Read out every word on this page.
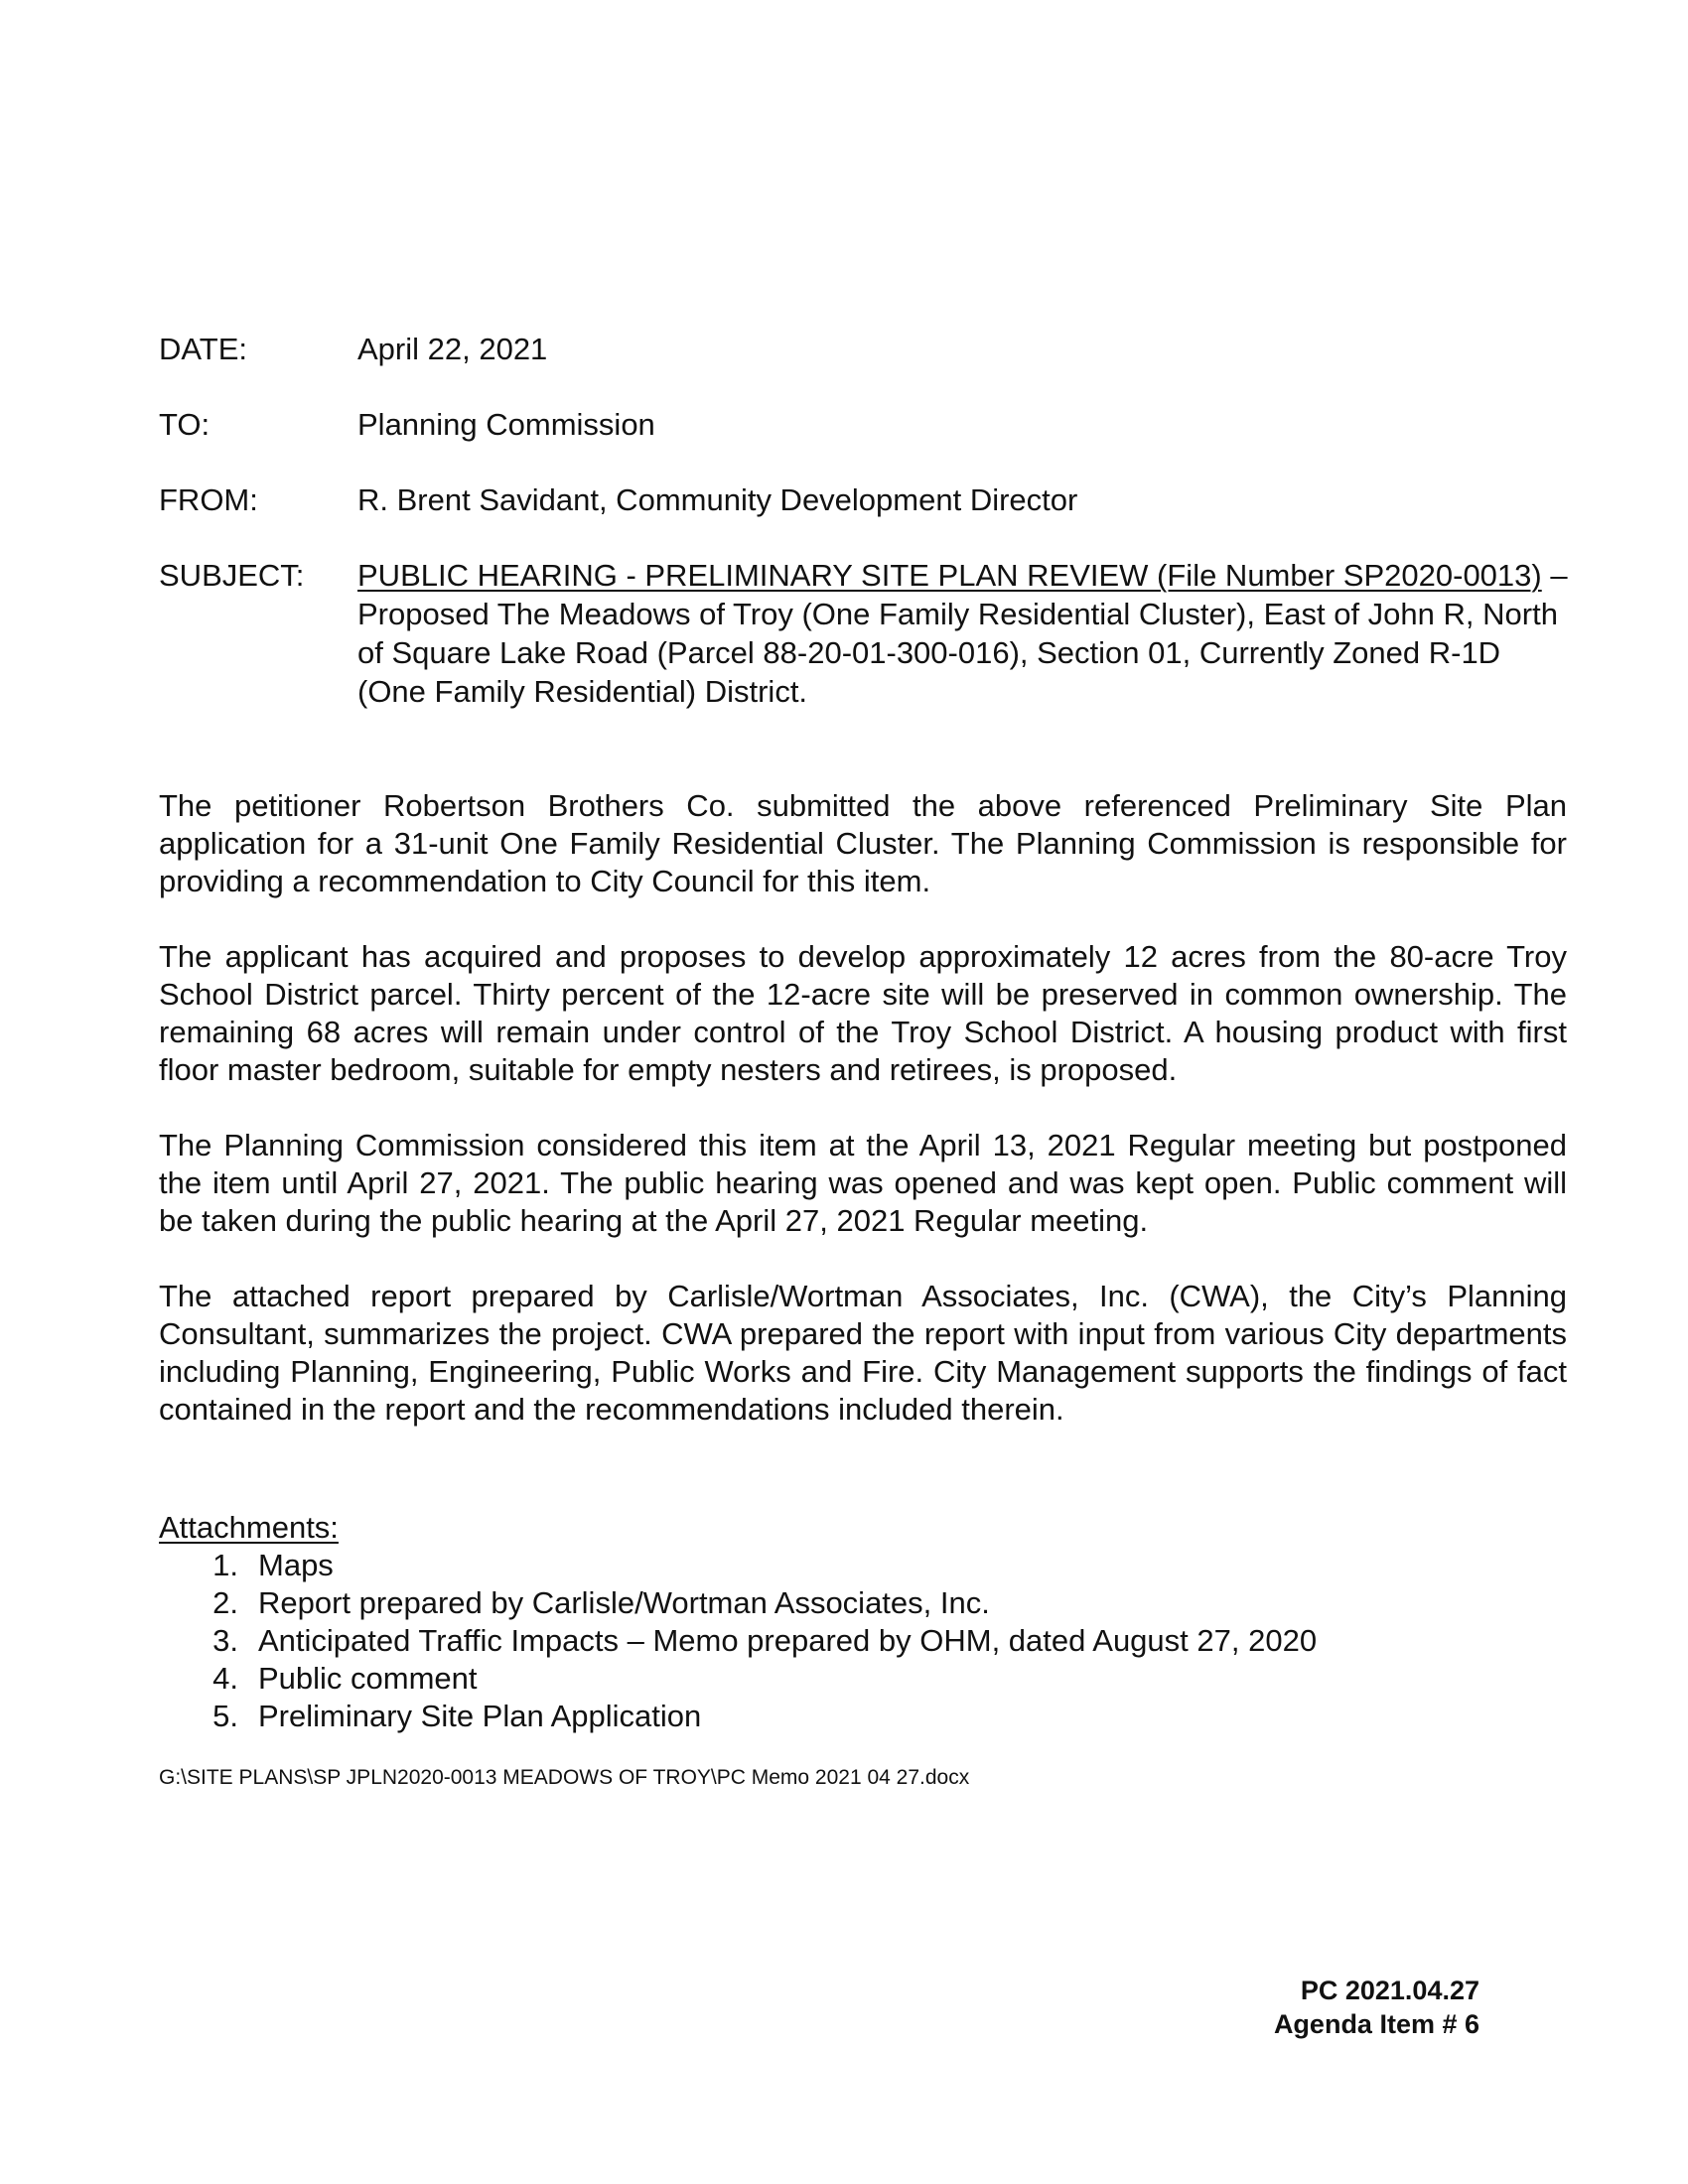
DATE:	April 22, 2021
TO:	Planning Commission
FROM:	R. Brent Savidant, Community Development Director
SUBJECT:	PUBLIC HEARING - PRELIMINARY SITE PLAN REVIEW (File Number SP2020-0013) – Proposed The Meadows of Troy (One Family Residential Cluster), East of John R, North of Square Lake Road (Parcel 88-20-01-300-016), Section 01, Currently Zoned R-1D (One Family Residential) District.

The petitioner Robertson Brothers Co. submitted the above referenced Preliminary Site Plan application for a 31-unit One Family Residential Cluster. The Planning Commission is responsible for providing a recommendation to City Council for this item.

The applicant has acquired and proposes to develop approximately 12 acres from the 80-acre Troy School District parcel. Thirty percent of the 12-acre site will be preserved in common ownership. The remaining 68 acres will remain under control of the Troy School District. A housing product with first floor master bedroom, suitable for empty nesters and retirees, is proposed.

The Planning Commission considered this item at the April 13, 2021 Regular meeting but postponed the item until April 27, 2021. The public hearing was opened and was kept open. Public comment will be taken during the public hearing at the April 27, 2021 Regular meeting.

The attached report prepared by Carlisle/Wortman Associates, Inc. (CWA), the City’s Planning Consultant, summarizes the project. CWA prepared the report with input from various City departments including Planning, Engineering, Public Works and Fire. City Management supports the findings of fact contained in the report and the recommendations included therein.

Attachments:
1. Maps
2. Report prepared by Carlisle/Wortman Associates, Inc.
3. Anticipated Traffic Impacts – Memo prepared by OHM, dated August 27, 2020
4. Public comment
5. Preliminary Site Plan Application
G:\SITE PLANS\SP JPLN2020-0013 MEADOWS OF TROY\PC Memo 2021 04 27.docx
PC 2021.04.27
Agenda Item # 6
